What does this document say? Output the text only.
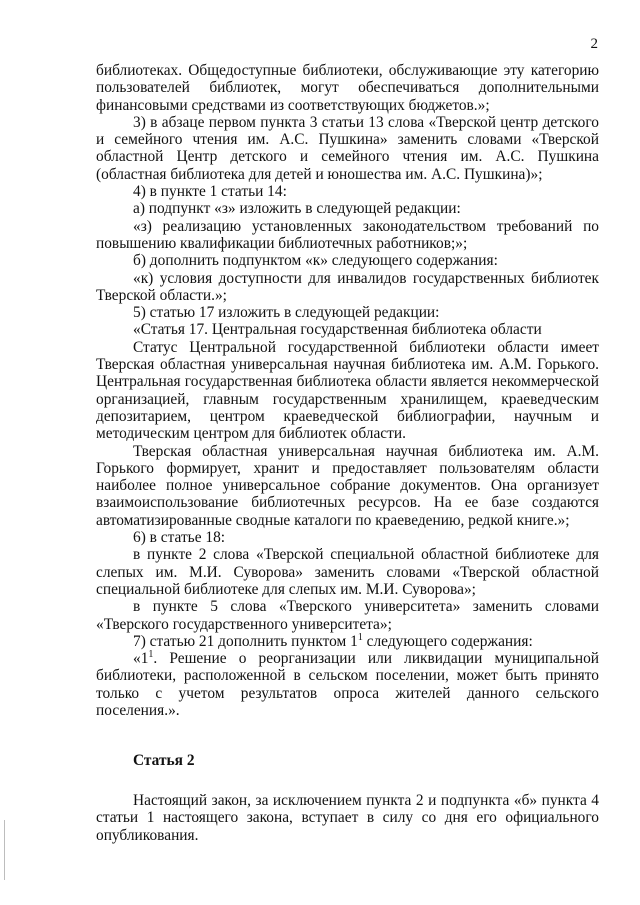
2

библиотеках. Общедоступные библиотеки, обслуживающие эту категорию пользователей библиотек, могут обеспечиваться дополнительными финансовыми средствами из соответствующих бюджетов.»;

3) в абзаце первом пункта 3 статьи 13 слова «Тверской центр детского и семейного чтения им. А.С. Пушкина» заменить словами «Тверской областной Центр детского и семейного чтения им. А.С. Пушкина (областная библиотека для детей и юношества им. А.С. Пушкина)»;

4) в пункте 1 статьи 14:

а) подпункт «з» изложить в следующей редакции:

«з) реализацию установленных законодательством требований по повышению квалификации библиотечных работников;»;

б) дополнить подпунктом «к» следующего содержания:

«к) условия доступности для инвалидов государственных библиотек Тверской области.»;

5) статью 17 изложить в следующей редакции:

«Статья 17. Центральная государственная библиотека области

Статус Центральной государственной библиотеки области имеет Тверская областная универсальная научная библиотека им. А.М. Горького. Центральная государственная библиотека области является некоммерческой организацией, главным государственным хранилищем, краеведческим депозитарием, центром краеведческой библиографии, научным и методическим центром для библиотек области.

Тверская областная универсальная научная библиотека им. А.М. Горького формирует, хранит и предоставляет пользователям области наиболее полное универсальное собрание документов. Она организует взаимоиспользование библиотечных ресурсов. На ее базе создаются автоматизированные сводные каталоги по краеведению, редкой книге.»;

6) в статье 18:

в пункте 2 слова «Тверской специальной областной библиотеке для слепых им. М.И. Суворова» заменить словами «Тверской областной специальной библиотеке для слепых им. М.И. Суворова»;

в пункте 5 слова «Тверского университета» заменить словами «Тверского государственного университета»;

7) статью 21 дополнить пунктом $1^1$ следующего содержания:

«$1^1$. Решение о реорганизации или ликвидации муниципальной библиотеки, расположенной в сельском поселении, может быть принято только с учетом результатов опроса жителей данного сельского поселения.».

Статья 2

Настоящий закон, за исключением пункта 2 и подпункта «б» пункта 4 статьи 1 настоящего закона, вступает в силу со дня его официального опубликования.
